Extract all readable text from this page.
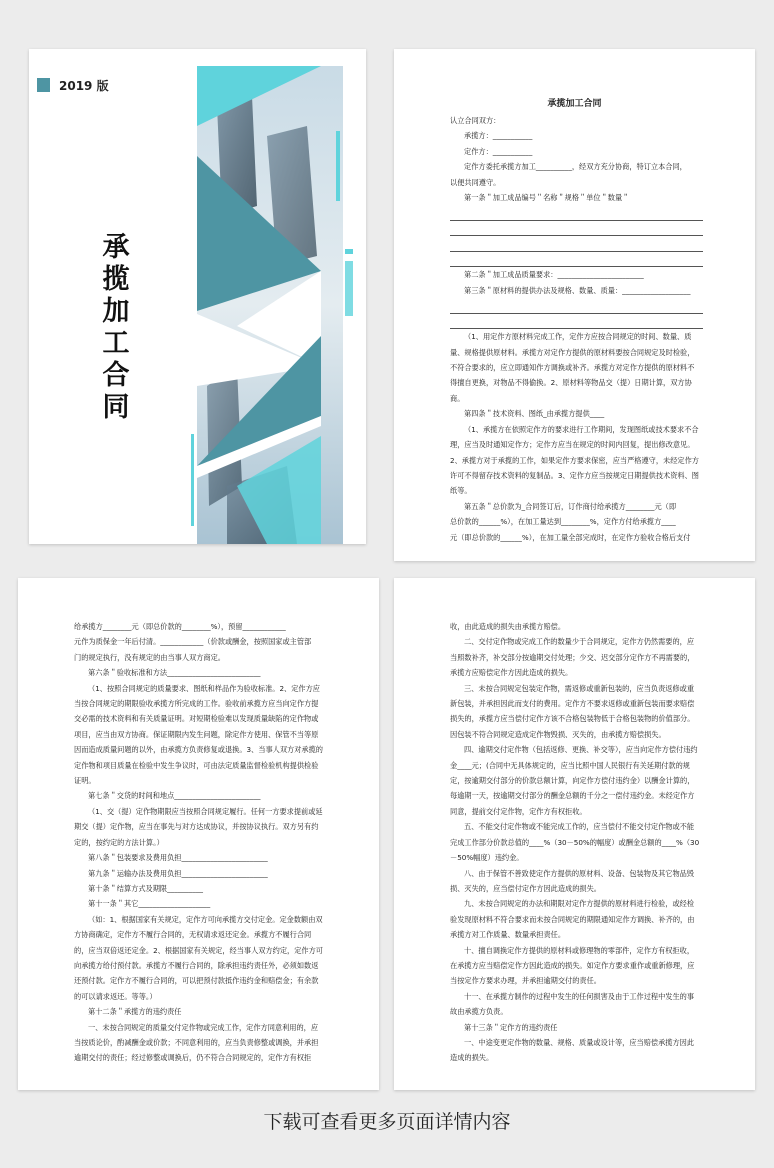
2019 版
承
揽
加
工
合
同

承揽加工合同

认立合同双方：

承揽方：___________

定作方：___________

定作方委托承揽方加工__________，经双方充分协商，特订立本合同，

以便共同遵守。

第一条＂加工成品编号＂名称＂规格＂单位＂数量＂

第二条＂加工成品质量要求：________________________

第三条＂原材料的提供办法及规格、数量、质量：___________________

（1、用定作方原材料完成工作，定作方应按合同规定的时间、数量、质

量、规格提供原材料。承揽方对定作方提供的原材料要按合同规定及时检验，

不符合要求的，应立即通知作方调换或补齐。承揽方对定作方提供的原材料不

得擅自更换，对物品不得偷换。2、原材料等物品交（提）日期计算，双方协

商。

第四条＂技术资料、图纸_由承揽方提供____

（1、承揽方在依照定作方的要求进行工作期间，发现图纸或技术要求不合

理，应当及时通知定作方；定作方应当在规定的时间内回复，提出修改意见。

2、承揽方对于承揽的工作，如果定作方要求保密，应当严格遵守，未经定作方

许可不得留存技术资料的复制品。3、定作方应当按规定日期提供技术资料、图

纸等。

第五条＂总价款为_合同签订后，订作商付给承揽方________元（即

总价款的______%），在加工量达到________%，定作方付给承揽方____

元（即总价款的______%），在加工量全部完成时，在定作方验收合格后支付

给承揽方________元（即总价款的________%），预留____________

元作为质保金一年后付清。____________（价款或酬金，按照国家或主管部

门的规定执行，没有规定的由当事人双方商定。

第六条＂验收标准和方法__________________________

（1、按照合同规定的质量要求、图纸和样品作为验收标准。2、定作方应

当按合同规定的期限验收承揽方所完成的工作。验收前承揽方应当向定作方提

交必需的技术资料和有关质量证明。对短期检验难以发现质量缺陷的定作物或

项目，应当由双方协商。保证期限内发生问题，除定作方使用、保管不当等原

因而造成质量问题的以外，由承揽方负责修复或退换。3、当事人双方对承揽的

定作物和项目质量在检验中发生争议时，可由法定质量监督检验机构提供检验

证明。

第七条＂交货的时间和地点________________________

（1、交（提）定作物期限应当按照合同规定履行。任何一方要求提前或延

期交（提）定作物，应当在事先与对方达成协议，并按协议执行。双方另有约

定的，按约定的方法计算。）

第八条＂包装要求及费用负担________________________

第九条＂运输办法及费用负担________________________

第十条＂结算方式及期限__________

第十一条＂其它____________________

（如：1、根据国家有关规定，定作方可向承揽方交付定金。定金数额由双

方协商确定，定作方不履行合同的，无权请求返还定金。承揽方不履行合同

的，应当双倍返还定金。2、根据国家有关规定，经当事人双方约定，定作方可

向承揽方给付预付款。承揽方不履行合同的，除承担违约责任外，必须如数返

还预付款。定作方不履行合同的，可以把预付款抵作违约金和赔偿金；有余款

的可以请求返还。等等。）

第十二条＂承揽方的违约责任

一、未按合同规定的质量交付定作物或完成工作，定作方同意利用的，应

当按质论价，酌减酬金或价款；不同意利用的，应当负责修整或调换，并承担

逾期交付的责任；经过修整或调换后，仍不符合合同规定的，定作方有权拒

收，由此造成的损失由承揽方赔偿。

二、交付定作物或完成工作的数量少于合同规定，定作方仍然需要的，应

当照数补齐，补交部分按逾期交付处理；少交、迟交部分定作方不再需要的，

承揽方应赔偿定作方因此造成的损失。

三、未按合同规定包装定作物，需返修或重新包装的，应当负责返修或重

新包装，并承担因此而支付的费用。定作方不要求返修或重新包装而要求赔偿

损失的，承揽方应当偿付定作方该不合格包装物低于合格包装物的价值部分。

因包装不符合同规定造成定作物毁损、灭失的，由承揽方赔偿损失。

四、逾期交付定作物（包括返修、更换、补交等），应当向定作方偿付违约

金____元；(合同中无具体规定的，应当比照中国人民银行有关延期付款的规

定，按逾期交付部分的价款总额计算，向定作方偿付违约金）以酬金计算的，

每逾期一天，按逾期交付部分的酬金总额的千分之一偿付违约金。未经定作方

同意，提前交付定作物，定作方有权拒收。

五、不能交付定作物或不能完成工作的，应当偿付不能交付定作物或不能

完成工作部分价款总值的____%（30－50%的幅度）或酬金总额的____%（30

－50%幅度）违约金。

八、由于保管不善致使定作方提供的原材料、设备、包装物及其它物品毁

损、灭失的，应当偿付定作方因此造成的损失。

九、未按合同规定的办法和期限对定作方提供的原材料进行检验，或经检

验发现原材料不符合要求而未按合同规定的期限通知定作方调换、补齐的，由

承揽方对工作质量、数量承担责任。

十、擅自调换定作方提供的原材料或修理物的零部件，定作方有权拒收，

在承揽方应当赔偿定作方因此造成的损失。如定作方要求重作或重新修理，应

当按定作方要求办理，并承担逾期交付的责任。

十一、在承揽方制作的过程中发生的任何损害及由于工作过程中发生的事

故由承揽方负责。

第十三条＂定作方的违约责任

一、中途变更定作物的数量、规格、质量或设计等，应当赔偿承揽方因此

造成的损失。

下载可查看更多页面详情内容
